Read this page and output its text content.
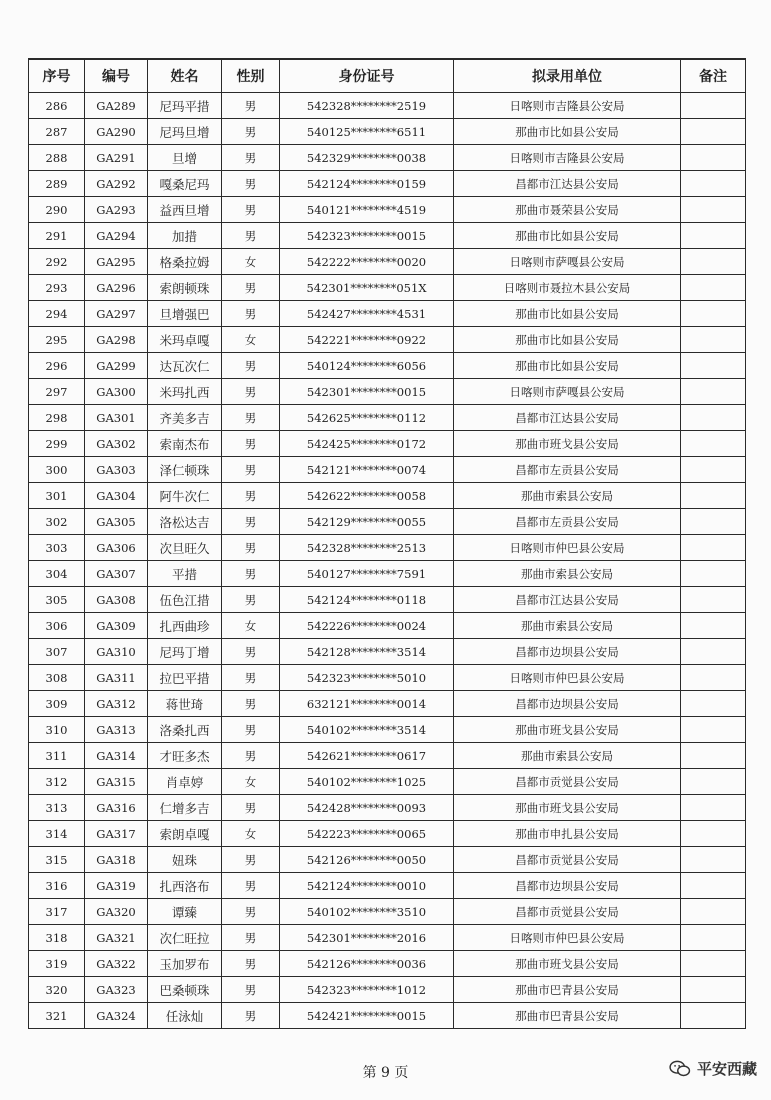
序号	编号	姓名	性别	身份证号	拟录用单位	备注
286	GA289	尼玛平措	男	542328********2519	日喀则市吉隆县公安局	
287	GA290	尼玛旦增	男	540125********6511	那曲市比如县公安局	
288	GA291	旦增	男	542329********0038	日喀则市吉隆县公安局	
289	GA292	嘎桑尼玛	男	542124********0159	昌都市江达县公安局	
290	GA293	益西旦增	男	540121********4519	那曲市聂荣县公安局	
291	GA294	加措	男	542323********0015	那曲市比如县公安局	
292	GA295	格桑拉姆	女	542222********0020	日喀则市萨嘎县公安局	
293	GA296	索朗顿珠	男	542301********051X	日喀则市聂拉木县公安局	
294	GA297	旦增强巴	男	542427********4531	那曲市比如县公安局	
295	GA298	米玛卓嘎	女	542221********0922	那曲市比如县公安局	
296	GA299	达瓦次仁	男	540124********6056	那曲市比如县公安局	
297	GA300	米玛扎西	男	542301********0015	日喀则市萨嘎县公安局	
298	GA301	齐美多吉	男	542625********0112	昌都市江达县公安局	
299	GA302	索南杰布	男	542425********0172	那曲市班戈县公安局	
300	GA303	泽仁顿珠	男	542121********0074	昌都市左贡县公安局	
301	GA304	阿牛次仁	男	542622********0058	那曲市索县公安局	
302	GA305	洛松达吉	男	542129********0055	昌都市左贡县公安局	
303	GA306	次旦旺久	男	542328********2513	日喀则市仲巴县公安局	
304	GA307	平措	男	540127********7591	那曲市索县公安局	
305	GA308	伍色江措	男	542124********0118	昌都市江达县公安局	
306	GA309	扎西曲珍	女	542226********0024	那曲市索县公安局	
307	GA310	尼玛丁增	男	542128********3514	昌都市边坝县公安局	
308	GA311	拉巴平措	男	542323********5010	日喀则市仲巴县公安局	
309	GA312	蒋世琦	男	632121********0014	昌都市边坝县公安局	
310	GA313	洛桑扎西	男	540102********3514	那曲市班戈县公安局	
311	GA314	才旺多杰	男	542621********0617	那曲市索县公安局	
312	GA315	肖卓婷	女	540102********1025	昌都市贡觉县公安局	
313	GA316	仁增多吉	男	542428********0093	那曲市班戈县公安局	
314	GA317	索朗卓嘎	女	542223********0065	那曲市申扎县公安局	
315	GA318	妞珠	男	542126********0050	昌都市贡觉县公安局	
316	GA319	扎西洛布	男	542124********0010	昌都市边坝县公安局	
317	GA320	谭臻	男	540102********3510	昌都市贡觉县公安局	
318	GA321	次仁旺拉	男	542301********2016	日喀则市仲巴县公安局	
319	GA322	玉加罗布	男	542126********0036	那曲市班戈县公安局	
320	GA323	巴桑顿珠	男	542323********1012	那曲市巴青县公安局	
321	GA324	任泳灿	男	542421********0015	那曲市巴青县公安局	
第 9 页	平安西藏
